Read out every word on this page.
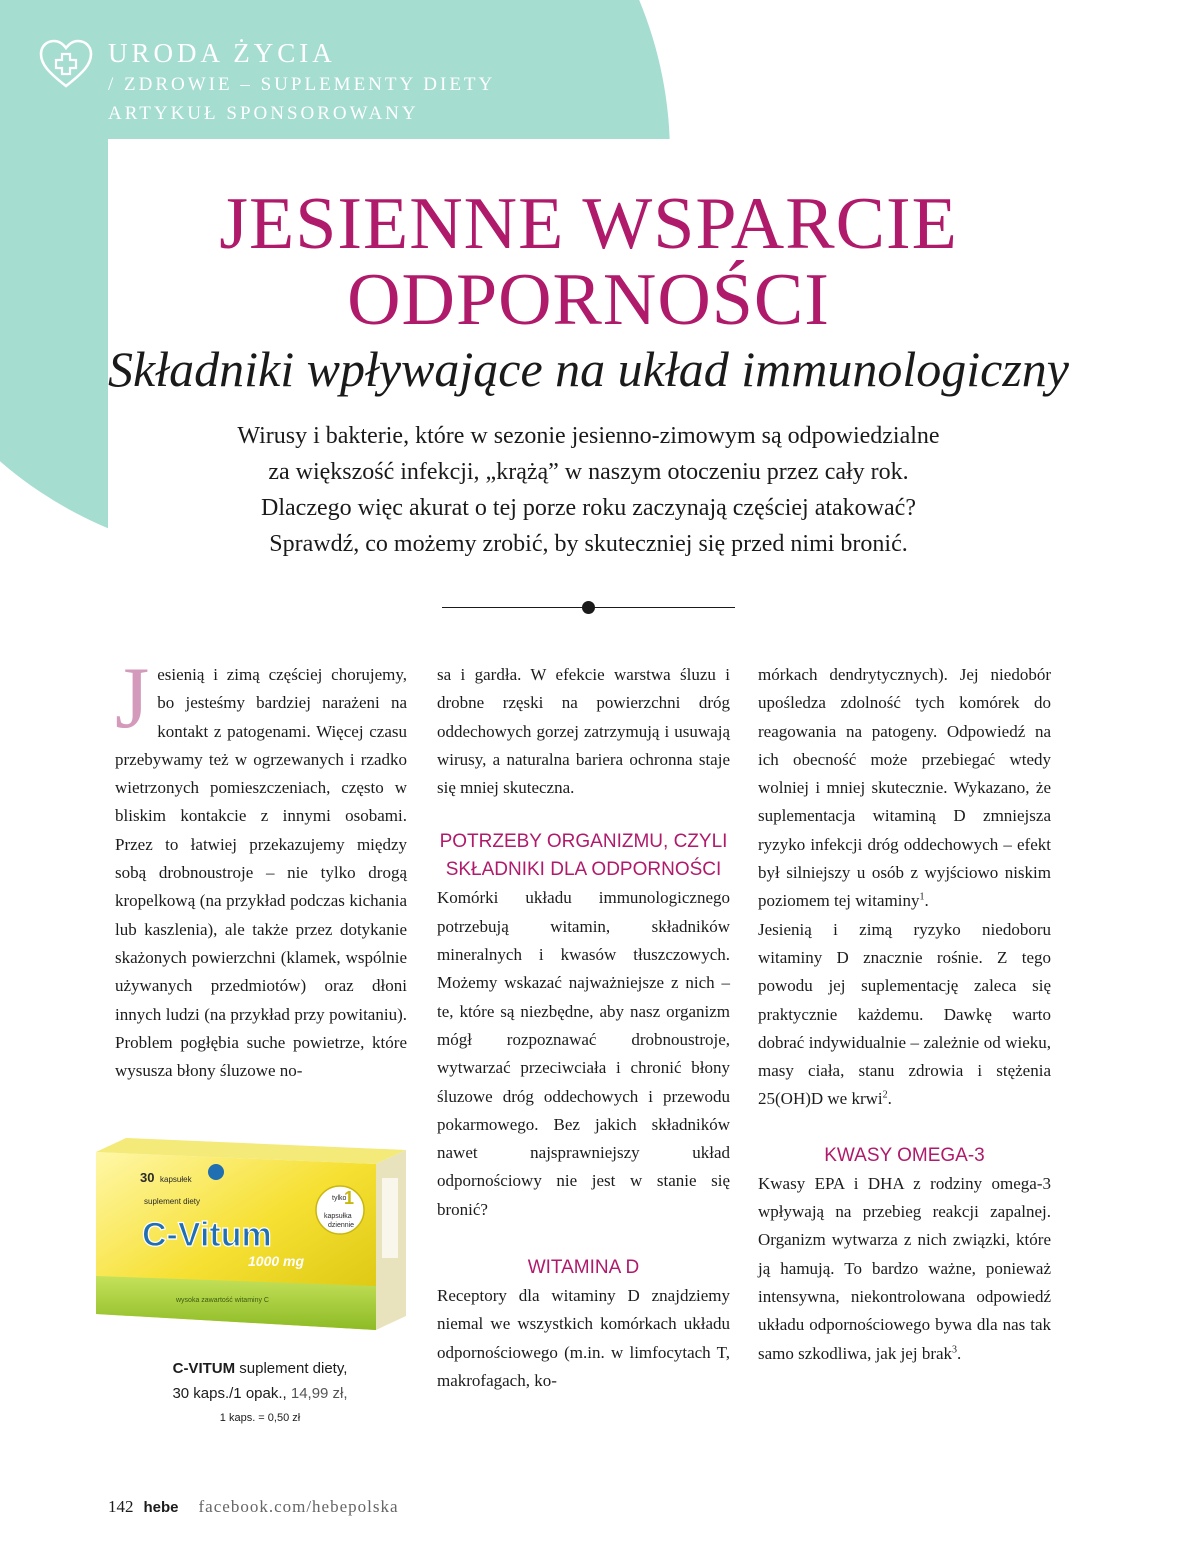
URODA ŻYCIA
/ ZDROWIE – SUPLEMENTY DIETY
ARTYKUŁ SPONSOROWANY
JESIENNE WSPARCIE
ODPORNOŚCI
Składniki wpływające na układ immunologiczny

Wirusy i bakterie, które w sezonie jesienno-zimowym są odpowiedzialne
za większość infekcji, „krążą” w naszym otoczeniu przez cały rok.
Dlaczego więc akurat o tej porze roku zaczynają częściej atakować?
Sprawdź, co możemy zrobić, by skuteczniej się przed nimi bronić.

Jesienią i zimą częściej chorujemy, bo jesteśmy bardziej narażeni na kontakt z patogenami. Więcej czasu przebywamy też w ogrzewanych i rzadko wietrzonych pomieszczeniach, często w bliskim kontakcie z innymi osobami. Przez to łatwiej przekazujemy między sobą drobnoustroje – nie tylko drogą kropelkową (na przykład podczas kichania lub kaszlenia), ale także przez dotykanie skażonych powierzchni (klamek, wspólnie używanych przedmiotów) oraz dłoni innych ludzi (na przykład przy powitaniu). Problem pogłębia suche powietrze, które wysusza błony śluzowe no-

sa i gardła. W efekcie warstwa śluzu i drobne rzęski na powierzchni dróg oddechowych gorzej zatrzymują i usuwają wirusy, a naturalna bariera ochronna staje się mniej skuteczna.

POTRZEBY ORGANIZMU, CZYLI SKŁADNIKI DLA ODPORNOŚCI

Komórki układu immunologicznego potrzebują witamin, składników mineralnych i kwasów tłuszczowych. Możemy wskazać najważniejsze z nich – te, które są niezbędne, aby nasz organizm mógł rozpoznawać drobnoustroje, wytwarzać przeciwciała i chronić błony śluzowe dróg oddechowych i przewodu pokarmowego. Bez jakich składników nawet najsprawniejszy układ odpornościowy nie jest w stanie się bronić?

WITAMINA D

Receptory dla witaminy D znajdziemy niemal we wszystkich komórkach układu odpornościowego (m.in. w limfocytach T, makrofagach, ko-

mórkach dendrytycznych). Jej niedobór upośledza zdolność tych komórek do reagowania na patogeny. Odpowiedź na ich obecność może przebiegać wtedy wolniej i mniej skutecznie. Wykazano, że suplementacja witaminą D zmniejsza ryzyko infekcji dróg oddechowych – efekt był silniejszy u osób z wyjściowo niskim poziomem tej witaminy$^1$.

Jesienią i zimą ryzyko niedoboru witaminy D znacznie rośnie. Z tego powodu jej suplementację zaleca się praktycznie każdemu. Dawkę warto dobrać indywidualnie – zależnie od wieku, masy ciała, stanu zdrowia i stężenia 25(OH)D we krwi$^2$.

KWASY OMEGA-3

Kwasy EPA i DHA z rodziny omega-3 wpływają na przebieg reakcji zapalnej. Organizm wytwarza z nich związki, które ją hamują. To bardzo ważne, ponieważ intensywna, niekontrolowana odpowiedź układu odpornościowego bywa dla nas tak samo szkodliwa, jak jej brak$^3$.

30 kapsułek
suplement diety
C-Vitum
1000 mg
tylko
1
kapsułka
dziennie
wysoka zawartość witaminy C
C-VITUM suplement diety,
30 kaps./1 opak., 14,99 zł,
1 kaps. = 0,50 zł
142 hebe facebook.com/hebepolska
